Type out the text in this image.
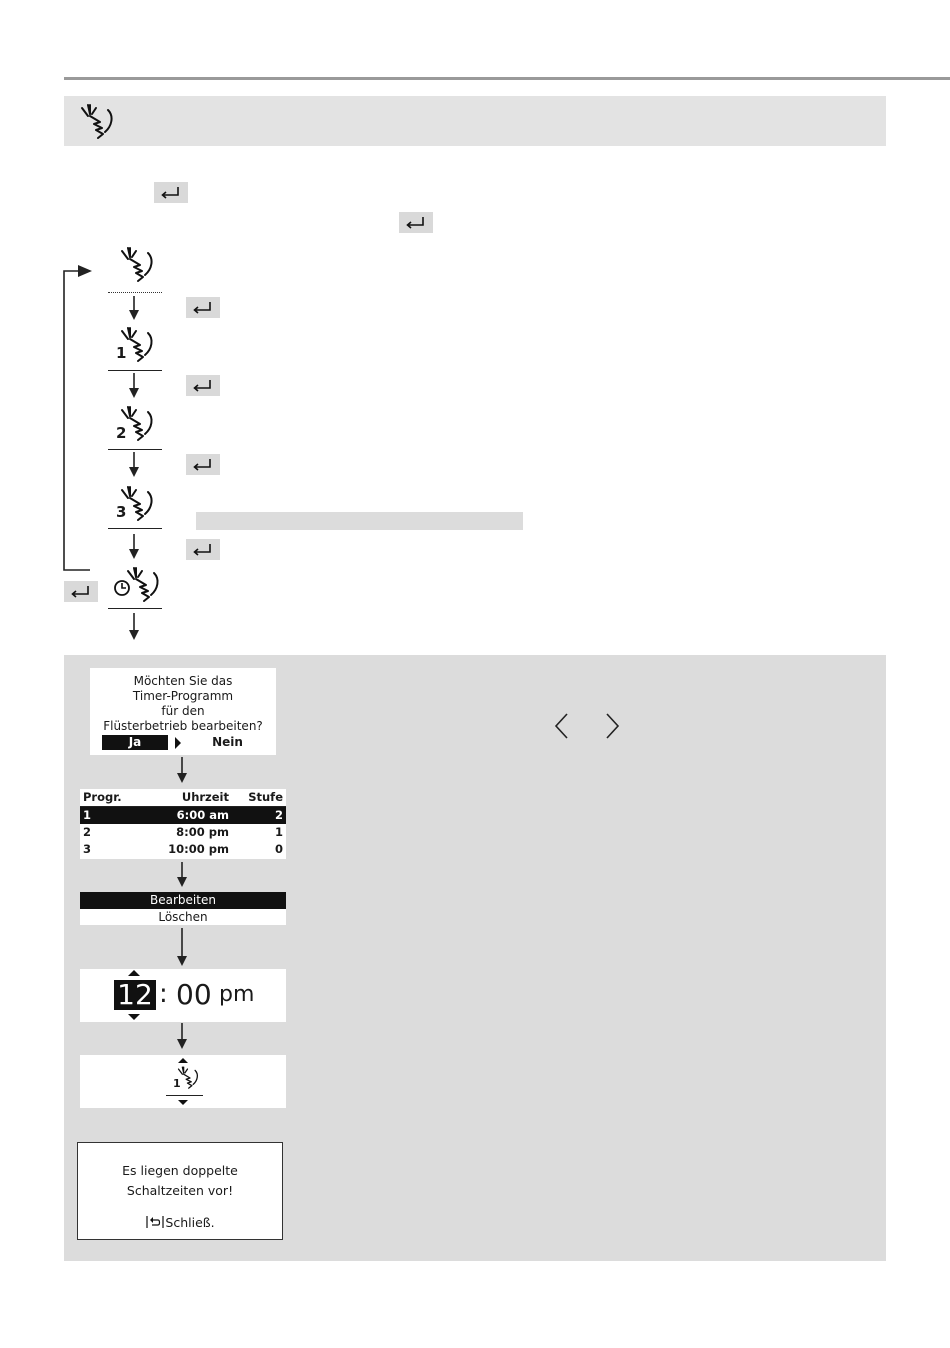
1
2
3
Möchten Sie das
Timer-Programm
für den
Flüsterbetrieb bearbeiten?
Ja	Nein
Progr.	Uhrzeit	Stufe
1	6:00 am	2
2	8:00 pm	1
3	10:00 pm	0
Bearbeiten
Löschen
12 : 00 pm
1
Es liegen doppelte
Schaltzeiten vor!
Schließ.
